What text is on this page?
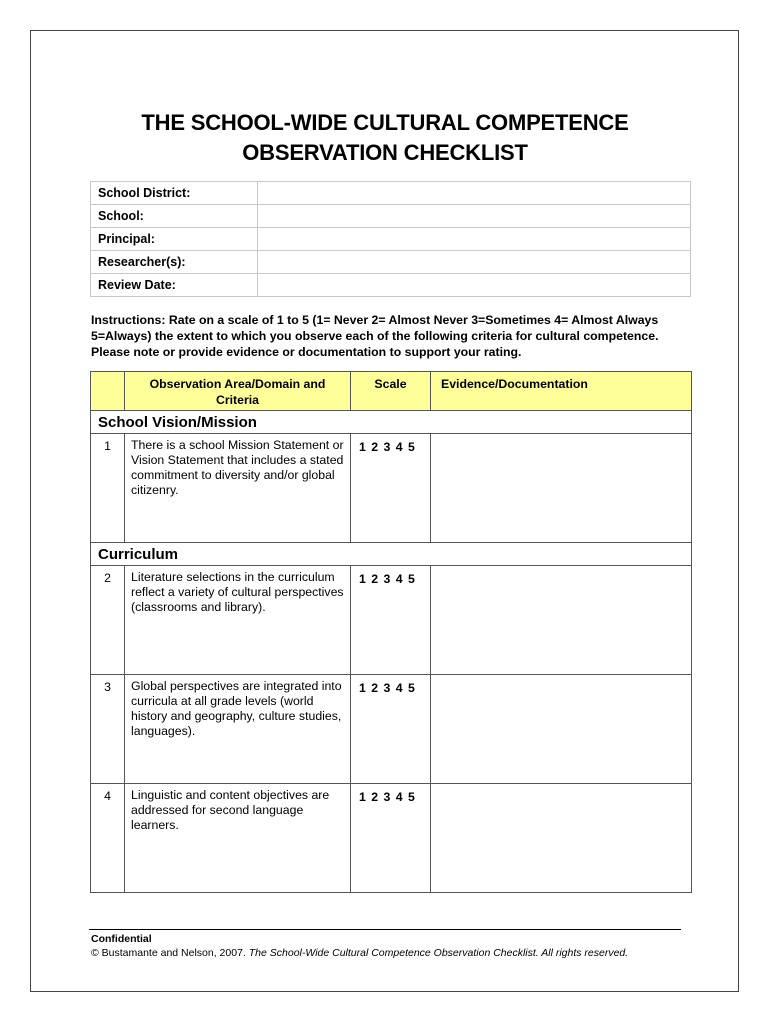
THE SCHOOL-WIDE CULTURAL COMPETENCE
OBSERVATION CHECKLIST
School District:	
School:	
Principal:	
Researcher(s):	
Review Date:	
Instructions: Rate on a scale of 1 to 5 (1= Never 2= Almost Never 3=Sometimes 4= Almost Always 5=Always) the extent to which you observe each of the following criteria for cultural competence. Please note or provide evidence or documentation to support your rating.
	Observation Area/Domain and Criteria	Scale	Evidence/Documentation
School Vision/Mission			
1	There is a school Mission Statement or Vision Statement that includes a stated commitment to diversity and/or global citizenry.	1 2 3 4 5	
Curriculum			
2	Literature selections in the curriculum reflect a variety of cultural perspectives (classrooms and library).	1 2 3 4 5	
3	Global perspectives are integrated into curricula at all grade levels (world history and geography, culture studies, languages).	1 2 3 4 5	
4	Linguistic and content objectives are addressed for second language learners.	1 2 3 4 5	
Confidential
© Bustamante and Nelson, 2007. The School-Wide Cultural Competence Observation Checklist. All rights reserved.
